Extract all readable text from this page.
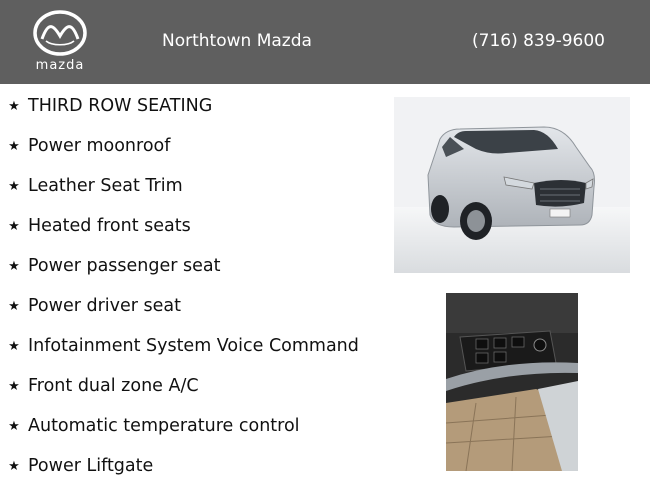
mazda
Northtown Mazda	(716) 839-9600
★ THIRD ROW SEATING
★ Power moonroof
★ Leather Seat Trim
★ Heated front seats
★ Power passenger seat
★ Power driver seat
★ Infotainment System Voice Command
★ Front dual zone A/C
★ Automatic temperature control
★ Power Liftgate
